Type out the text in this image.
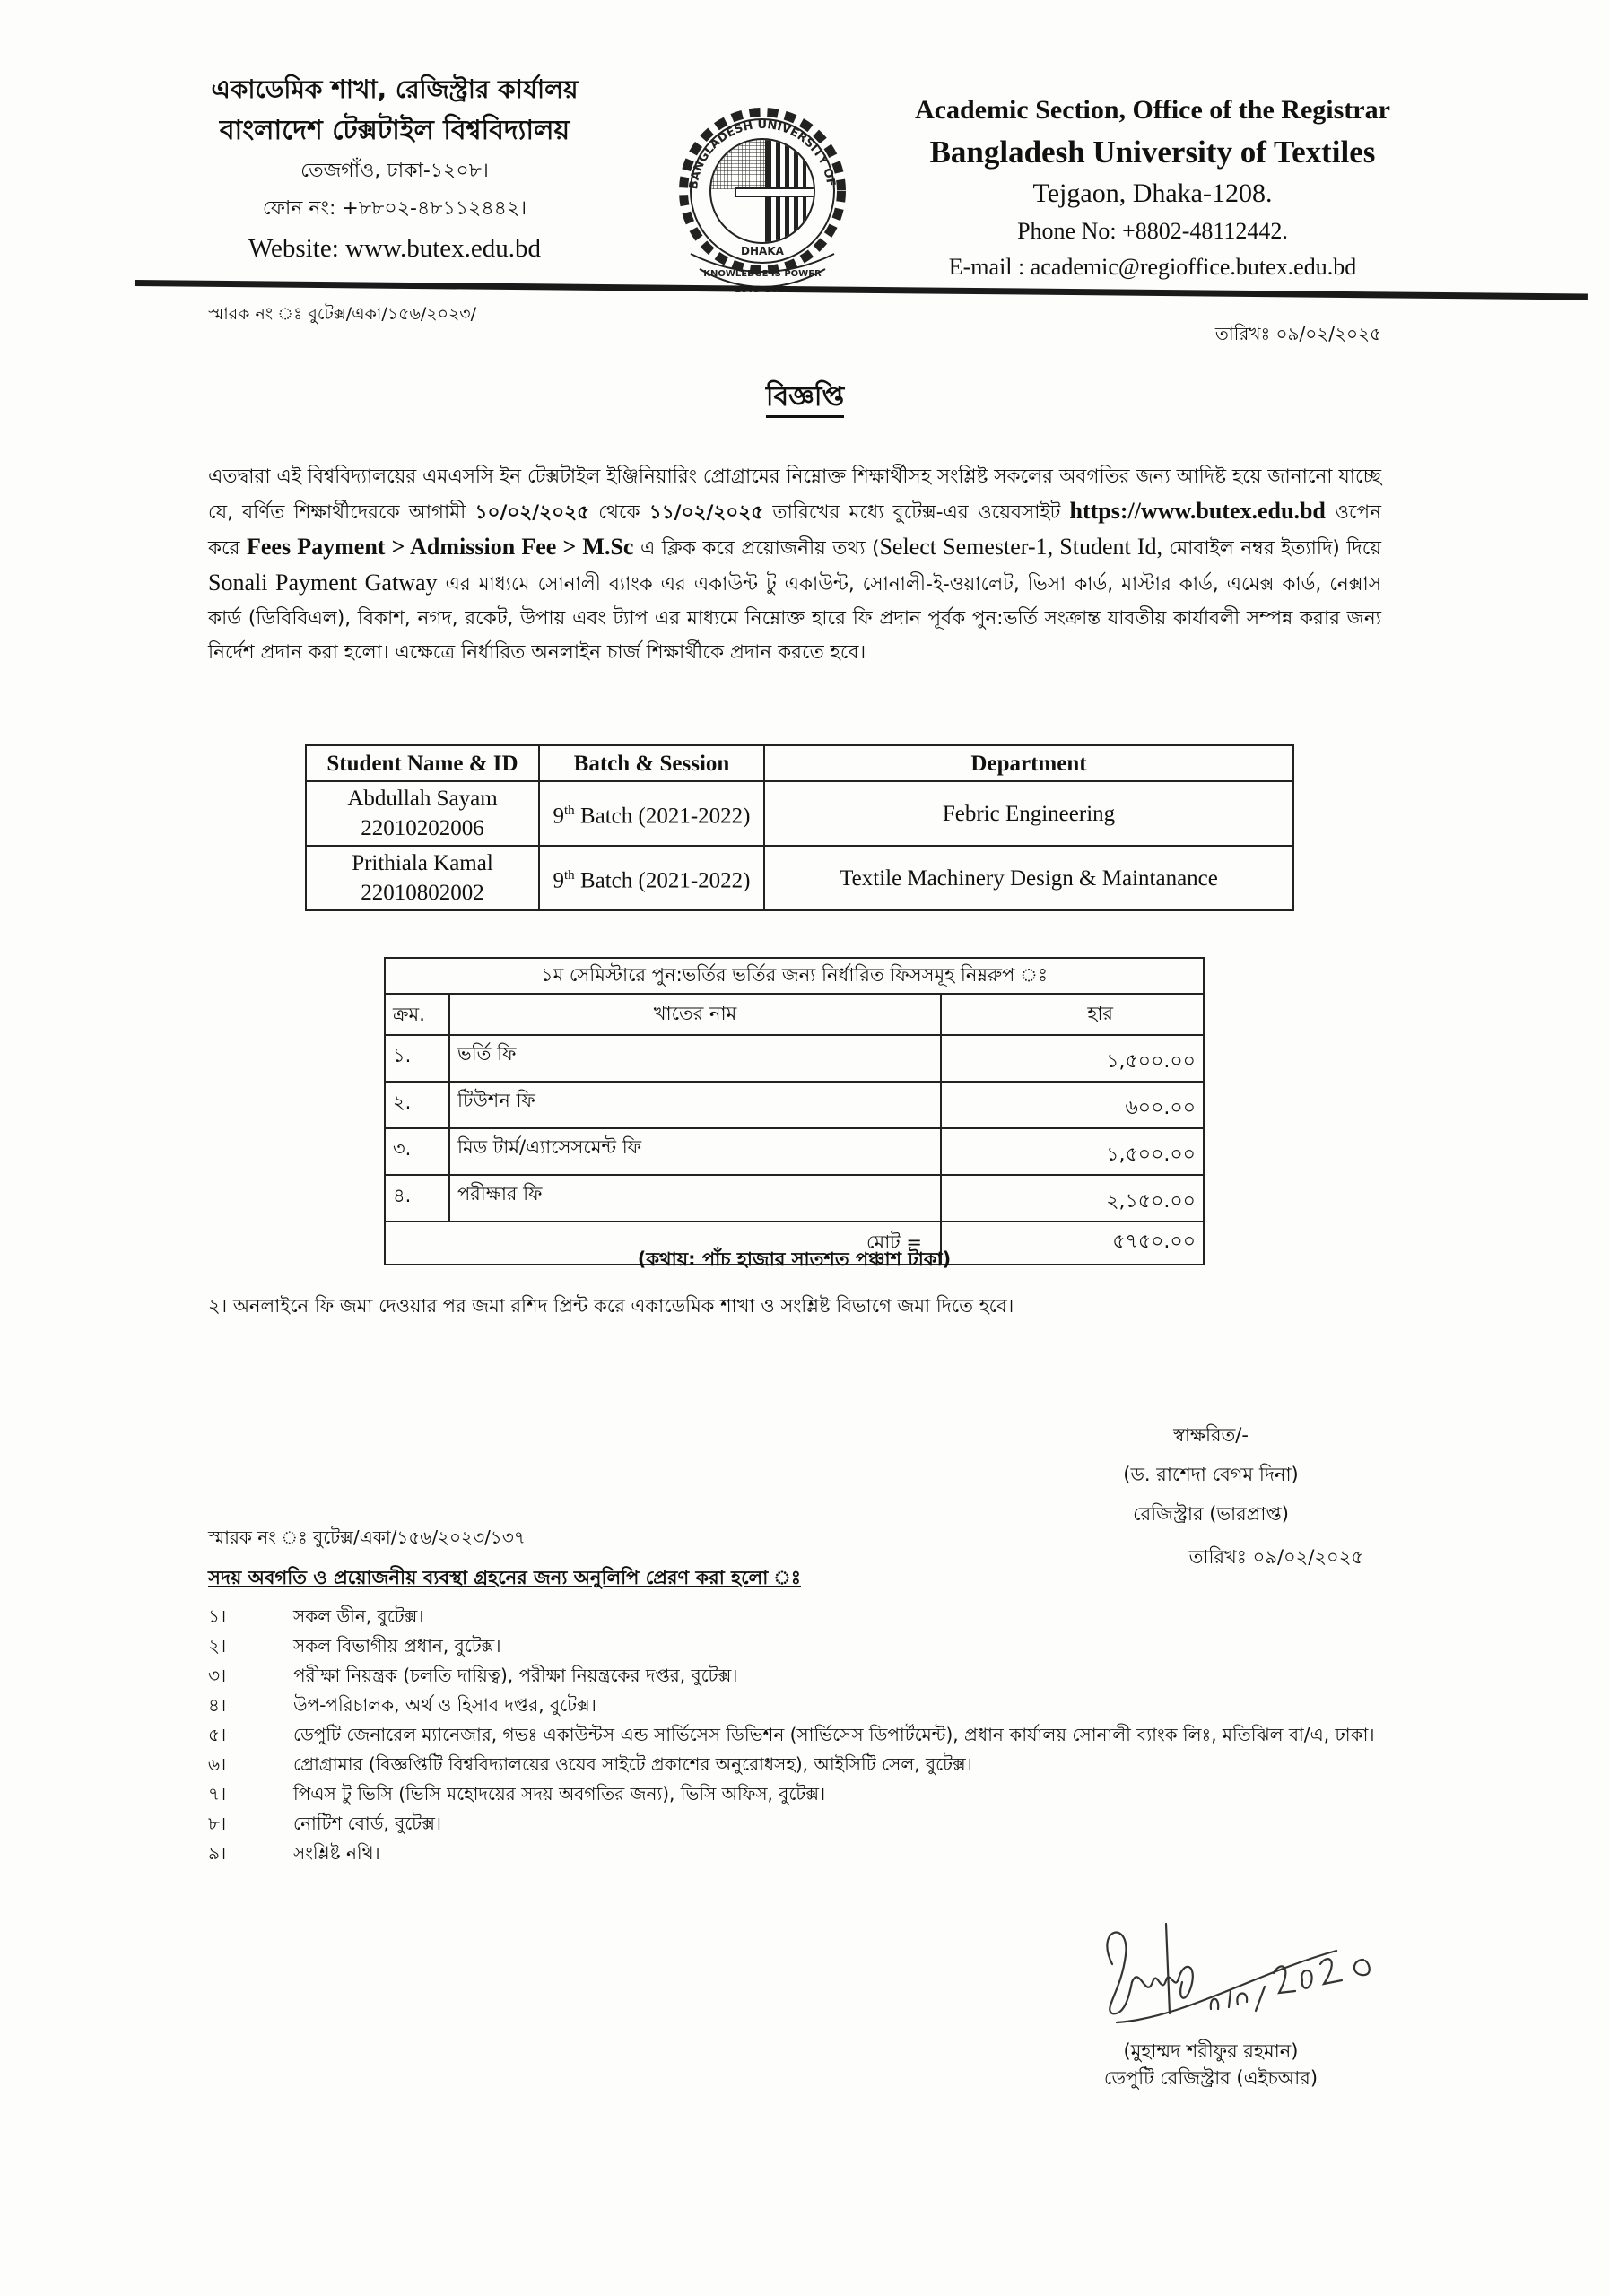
একাডেমিক শাখা, রেজিস্ট্রার কার্যালয়
বাংলাদেশ টেক্সটাইল বিশ্ববিদ্যালয়
তেজগাঁও, ঢাকা-১২০৮।
ফোন নং: +৮৮০২-৪৮১১২৪৪২।
Website: www.butex.edu.bd
BANGLADESH UNIVERSITY OF
DHAKA
KNOWLEDGE IS POWER
Academic Section, Office of the Registrar
Bangladesh University of Textiles
Tejgaon, Dhaka-1208.
Phone No: +8802-48112442.
E-mail : academic@regioffice.butex.edu.bd
স্মারক নং ঃ বুটেক্স/একা/১৫৬/২০২৩/
তারিখঃ ০৯/০২/২০২৫
বিজ্ঞপ্তি
এতদ্বারা এই বিশ্ববিদ্যালয়ের এমএসসি ইন টেক্সটাইল ইঞ্জিনিয়ারিং প্রোগ্রামের নিম্নোক্ত শিক্ষার্থীসহ সংশ্লিষ্ট সকলের অবগতির জন্য আদিষ্ট হয়ে জানানো যাচ্ছে যে, বর্ণিত শিক্ষার্থীদেরকে আগামী ১০/০২/২০২৫ থেকে ১১/০২/২০২৫ তারিখের মধ্যে বুটেক্স-এর ওয়েবসাইট https://www.butex.edu.bd ওপেন করে Fees Payment > Admission Fee > M.Sc এ ক্লিক করে প্রয়োজনীয় তথ্য (Select Semester-1, Student Id, মোবাইল নম্বর ইত্যাদি) দিয়ে Sonali Payment Gatway এর মাধ্যমে সোনালী ব্যাংক এর একাউন্ট টু একাউন্ট, সোনালী-ই-ওয়ালেট, ভিসা কার্ড, মাস্টার কার্ড, এমেক্স কার্ড, নেক্সাস কার্ড (ডিবিবিএল), বিকাশ, নগদ, রকেট, উপায় এবং ট্যাপ এর মাধ্যমে নিম্নোক্ত হারে ফি প্রদান পূর্বক পুন:ভর্তি সংক্রান্ত যাবতীয় কার্যাবলী সম্পন্ন করার জন্য নির্দেশ প্রদান করা হলো। এক্ষেত্রে নির্ধারিত অনলাইন চার্জ শিক্ষার্থীকে প্রদান করতে হবে।
Student Name & ID	Batch & Session	Department

Abdullah Sayam
22010202006
	9th Batch (2021-2022)	Febric Engineering

Prithiala Kamal
22010802002
	9th Batch (2021-2022)	Textile Machinery Design & Maintanance
১ম সেমিস্টারে পুন:ভর্তির ভর্তির জন্য নির্ধারিত ফিসসমূহ নিম্নরুপ ঃ
ক্রম.	খাতের নাম	হার
১.	ভর্তি ফি	১,৫০০.০০
২.	টিউশন ফি	৬০০.০০
৩.	মিড টার্ম/এ্যাসেসমেন্ট ফি	১,৫০০.০০
৪.	পরীক্ষার ফি	২,১৫০.০০
মোট =	৫৭৫০.০০
(কথায়: পাঁচ হাজার সাতশত পঞ্চাশ টাকা)
২। অনলাইনে ফি জমা দেওয়ার পর জমা রশিদ প্রিন্ট করে একাডেমিক শাখা ও সংশ্লিষ্ট বিভাগে জমা দিতে হবে।
স্বাক্ষরিত/-
(ড. রাশেদা বেগম দিনা)
রেজিস্ট্রার (ভারপ্রাপ্ত)
তারিখঃ ০৯/০২/২০২৫
স্মারক নং ঃ বুটেক্স/একা/১৫৬/২০২৩/১৩৭
সদয় অবগতি ও প্রয়োজনীয় ব্যবস্থা গ্রহনের জন্য অনুলিপি প্রেরণ করা হলো ঃ
১।	সকল ডীন, বুটেক্স।
২।	সকল বিভাগীয় প্রধান, বুটেক্স।
৩।	পরীক্ষা নিয়ন্ত্রক (চলতি দায়িত্ব), পরীক্ষা নিয়ন্ত্রকের দপ্তর, বুটেক্স।
৪।	উপ-পরিচালক, অর্থ ও হিসাব দপ্তর, বুটেক্স।
৫।	ডেপুটি জেনারেল ম্যানেজার, গভঃ একাউন্টস এন্ড সার্ভিসেস ডিভিশন (সার্ভিসেস ডিপার্টমেন্ট), প্রধান কার্যালয় সোনালী ব্যাংক লিঃ, মতিঝিল বা/এ, ঢাকা।
৬।	প্রোগ্রামার (বিজ্ঞপ্তিটি বিশ্ববিদ্যালয়ের ওয়েব সাইটে প্রকাশের অনুরোধসহ), আইসিটি সেল, বুটেক্স।
৭।	পিএস টু ভিসি (ভিসি মহোদয়ের সদয় অবগতির জন্য), ভিসি অফিস, বুটেক্স।
৮।	নোটিশ বোর্ড, বুটেক্স।
৯।	সংশ্লিষ্ট নথি।
(মুহাম্মদ শরীফুর রহমান)
ডেপুটি রেজিস্ট্রার (এইচআর)
